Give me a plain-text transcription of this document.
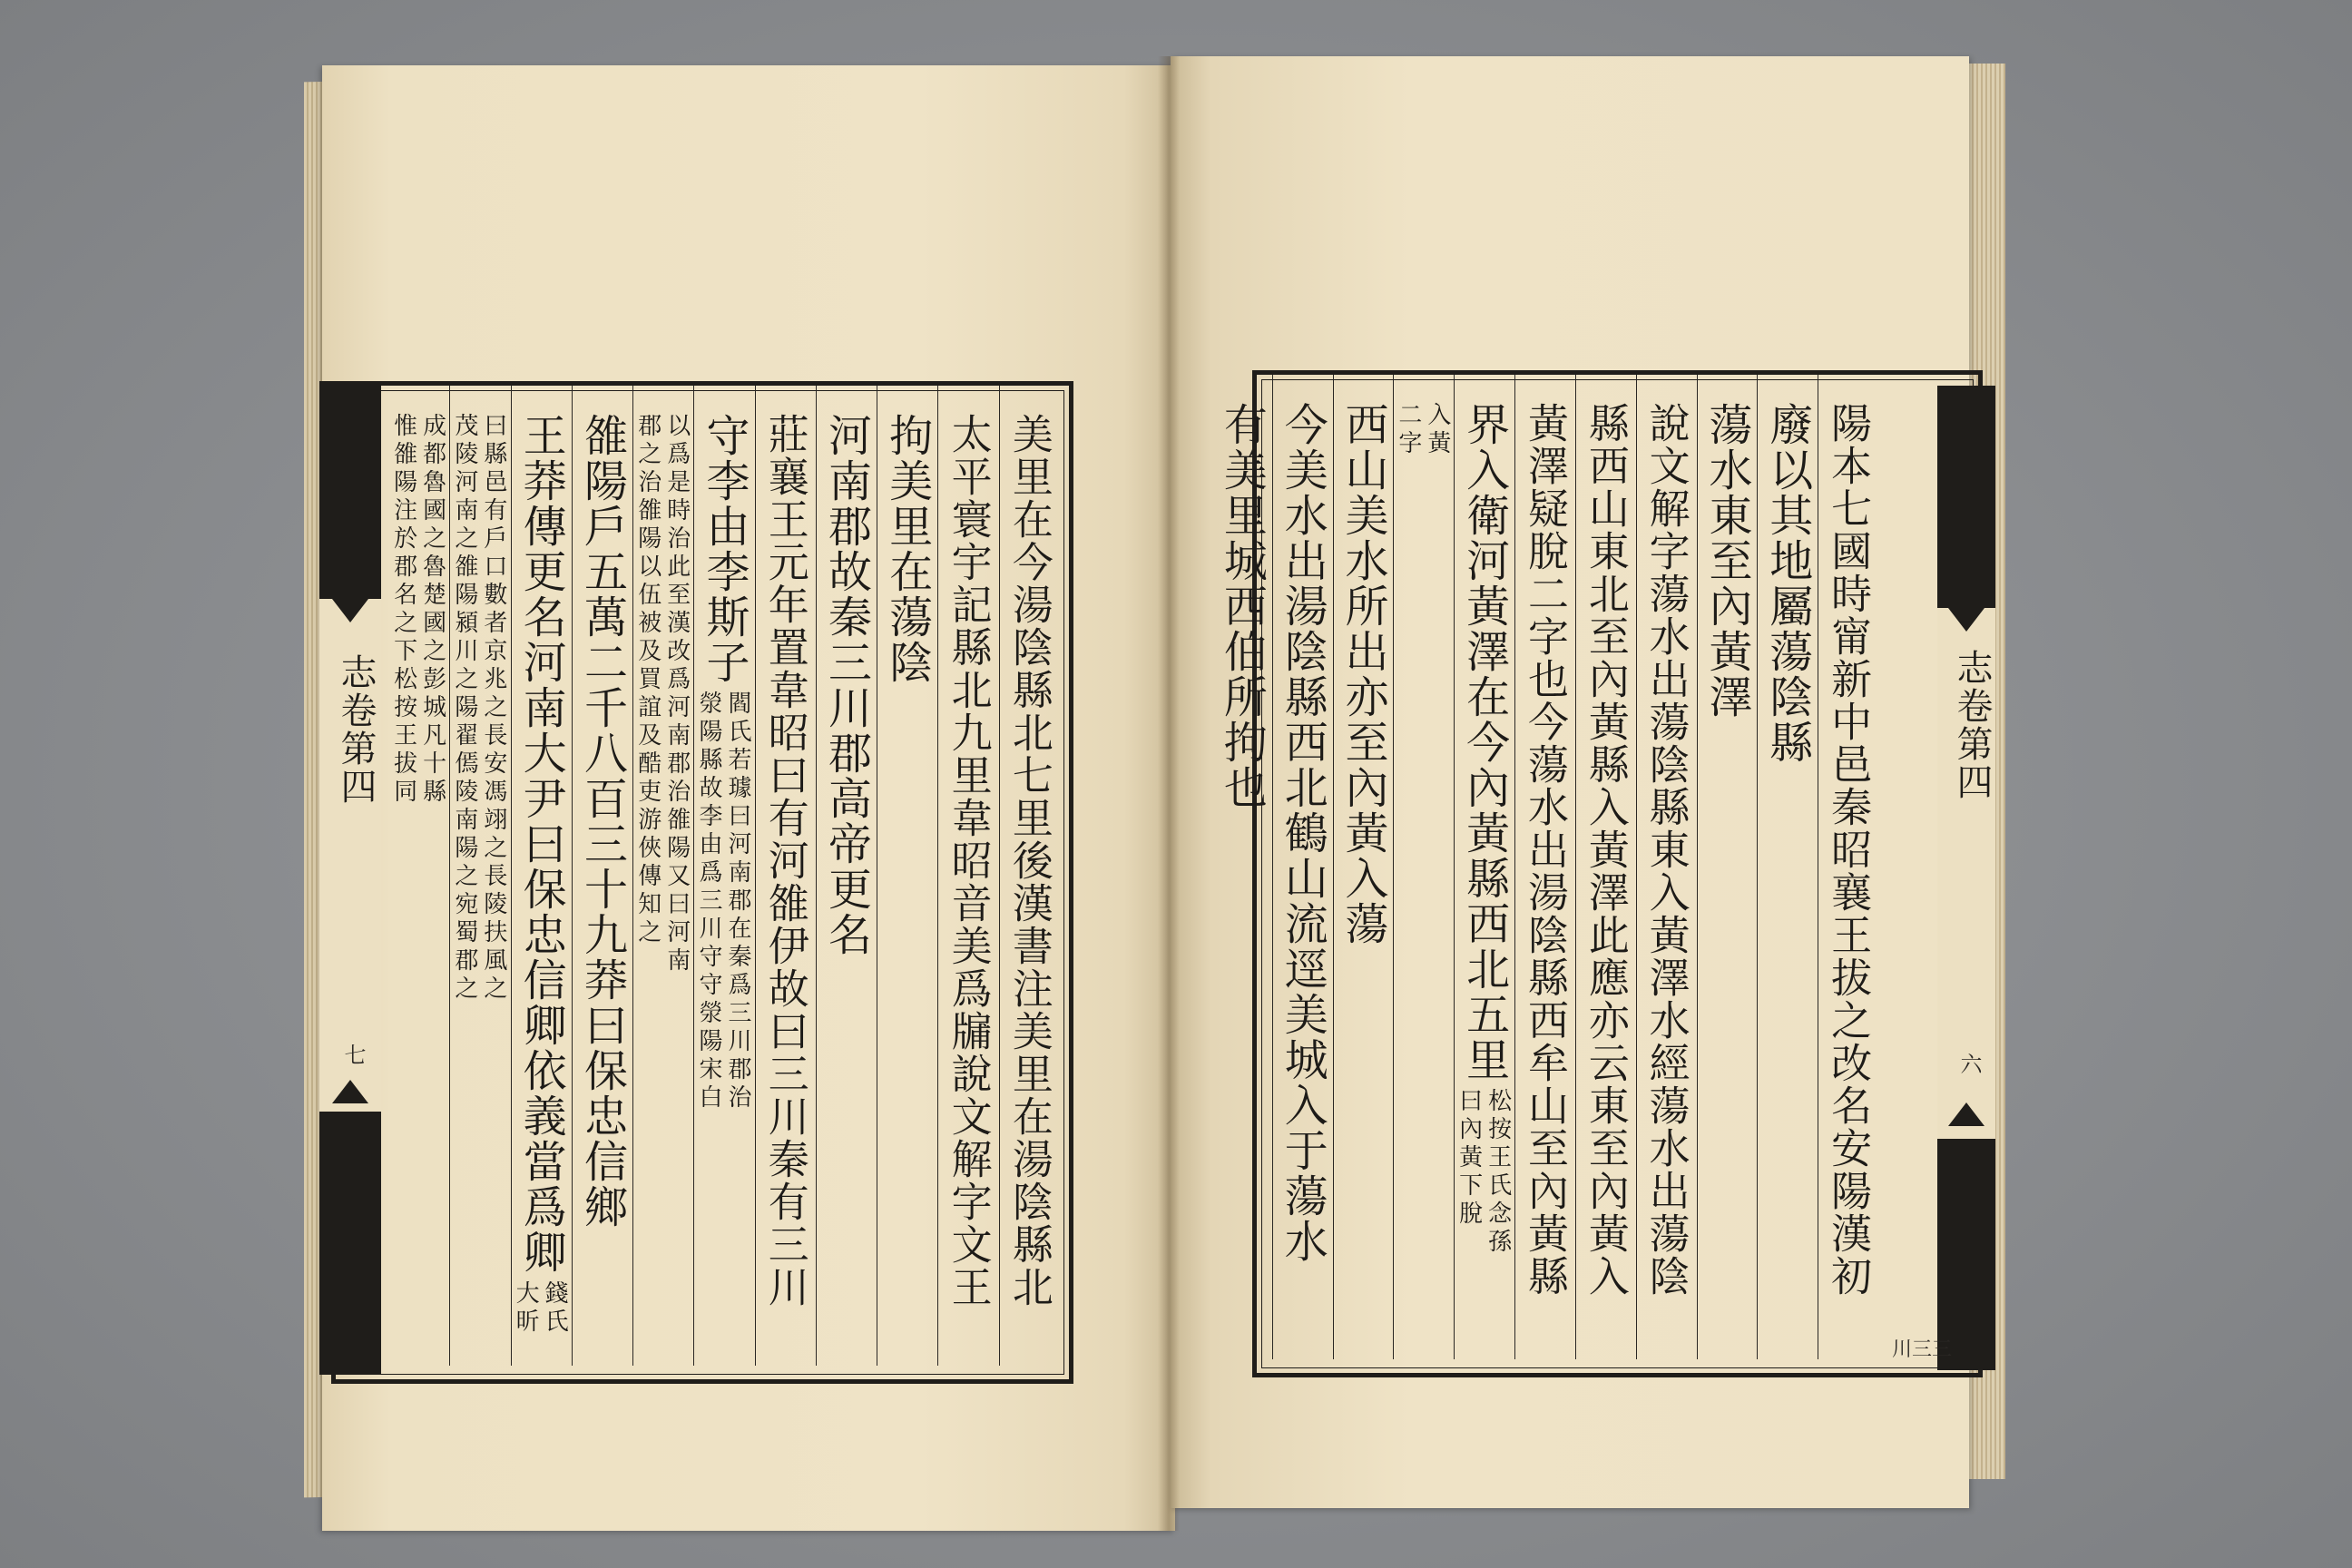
美里在今湯陰縣北七里後漢書注美里在湯陰縣北
太平寰宇記縣北九里韋昭音美爲牖說文解字文王
拘美里在蕩陰
河南郡故秦三川郡高帝更名
莊襄王元年置韋昭曰有河雒伊故曰三川秦有三川
守李由李斯子
閻氏若璩曰河南郡在秦爲三川郡治
滎陽縣故李由爲三川守守滎陽宋白
以爲是時治此至漢改爲河南郡治雒陽又曰河南
郡之治雒陽以伍被及買誼及酷吏游俠傳知之
雒陽戶五萬二千八百三十九莽曰保忠信鄉
王莽傳更名河南大尹曰保忠信卿依義當爲卿
錢氏
大昕
曰縣邑有戶口數者京兆之長安馮翊之長陵扶風之
茂陵河南之雒陽潁川之陽翟傿陵南陽之宛蜀郡之
成都魯國之魯楚國之彭城凡十縣
惟雒陽注於郡名之下松按王拔同
志卷第四
七	陽本七國時甯新中邑秦昭襄王拔之改名安陽漢初
廢以其地屬蕩陰縣
蕩水東至內黃澤
說文解字蕩水出蕩陰縣東入黃澤水經蕩水出蕩陰
縣西山東北至內黃縣入黃澤此應亦云東至內黃入
黃澤疑脫二字也今蕩水出湯陰縣西牟山至內黃縣
界入衛河黃澤在今內黃縣西北五里
松按王氏念孫
曰內黃下脫
入黃
二字
西山美水所出亦至內黃入蕩
今美水出湯陰縣西北鶴山流逕美城入于蕩水
有美里城西伯所拘也	志卷第四
六
川三三
